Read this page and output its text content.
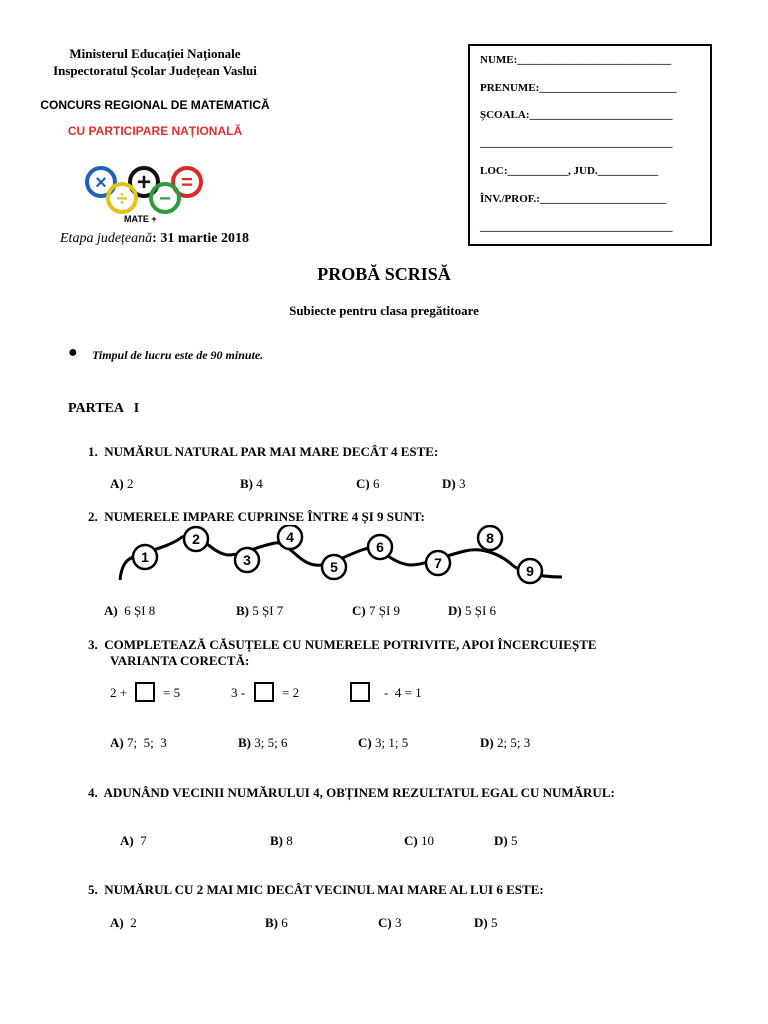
Ministerul Educației Naționale
Inspectoratul Școlar Județean Vaslui
CONCURS REGIONAL DE MATEMATICĂ
CU PARTICIPARE NAȚIONALĂ
× + =
÷ −
MATE +
Etapa județeană: 31 martie 2018
NUME:____________________________
PRENUME:_________________________
ȘCOALA:__________________________
___________________________________
LOC:___________, JUD.___________
ÎNV./PROF.:_______________________
___________________________________
PROBĂ SCRISĂ
Subiecte pentru clasa pregătitoare
● Timpul de lucru este de 90 minute.
PARTEA   I
1. NUMĂRUL NATURAL PAR MAI MARE DECÂT 4 ESTE:
A) 2	B) 4	C) 6	D) 3
2. NUMERELE IMPARE CUPRINSE ÎNTRE 4 ȘI 9 SUNT:
1
2
3
4
5
6
7
8
9
A)  6 ȘI 8	B) 5 ȘI 7	C) 7 ȘI 9	D) 5 ȘI 6
3. COMPLETEAZĂ CĂSUȚELE CU NUMERELE POTRIVITE, APOI ÎNCERCUIEȘTE
VARIANTA CORECTĂ:
2 +	= 5	3 -	= 2	-  4 = 1
A) 7;  5;  3	B) 3; 5; 6	C) 3; 1; 5	D) 2; 5; 3
4. ADUNÂND VECINII NUMĂRULUI 4, OBȚINEM REZULTATUL EGAL CU NUMĂRUL:
A)  7	B) 8	C) 10	D) 5
5. NUMĂRUL CU 2 MAI MIC DECÂT VECINUL MAI MARE AL LUI 6 ESTE:
A)  2	B) 6	C) 3	D) 5
